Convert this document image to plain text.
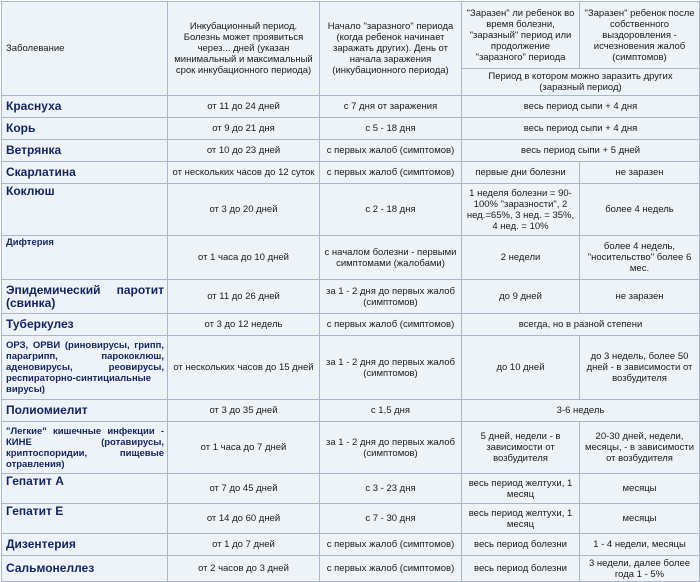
Заболевание	Инкубационный период. Болезнь может проявиться через... дней (указан минимальный и максимальный срок инкубационного периода)	Начало "заразного" периода (когда ребенок начинает заражать других). День от начала заражения (инкубационного периода)	"Заразен" ли ребенок во время болезни, "заразный" период или продолжение "заразного" периода	"Заразен" ребенок после собственного выздоровления - исчезновения жалоб (симптомов)
			Период в котором можно заразить других (заразный период)	
Краснуха	от 11 до 24 дней	с 7 дня от заражения	весь период сыпи + 4 дня	
Корь	от 9 до 21 дня	с 5 - 18 дня	весь период сыпи + 4 дня	
Ветрянка	от 10 до 23 дней	с первых жалоб (симптомов)	весь период сыпи + 5 дней	
Скарлатина	от нескольких часов до 12 суток	с первых жалоб (симптомов)	первые дни болезни	не заразен
Коклюш	от 3 до 20 дней	с 2 - 18 дня	1 неделя болезни = 90-100% "заразности", 2 нед.=65%, 3 нед. = 35%, 4 нед. = 10%	более 4 недель
Дифтерия	от 1 часа до 10 дней	с началом болезни - первыми симптомами (жалобами)	2 недели	более 4 недель, "носительство" более 6 мес.
Эпидемический паротит (свинка)	от 11 до 26 дней	за 1 - 2 дня до первых жалоб (симптомов)	до 9 дней	не заразен
Туберкулез	от 3 до 12 недель	с первых жалоб (симптомов)	всегда, но в разной степени	
ОРЗ, ОРВИ (риновирусы, грипп, парагрипп, парококлюш, аденовирусы, реовирусы, респираторно-синтициальные вирусы)	от нескольких часов до 15 дней	за 1 - 2 дня до первых жалоб (симптомов)	до 10 дней	до 3 недель, более 50 дней - в зависимости от возбудителя
Полиомиелит	от 3 до 35 дней	с 1,5 дня	3-6 недель	
"Легкие" кишечные инфекции - КИНЕ (ротавирусы, криптоспоридии, пищевые отравления)	от 1 часа до 7 дней	за 1 - 2 дня до первых жалоб (симптомов)	5 дней, недели - в зависимости от возбудителя	20-30 дней, недели, месяцы, - в зависимости от возбудителя
Гепатит А	от 7 до 45 дней	с 3 - 23 дня	весь период желтухи, 1 месяц	месяцы
Гепатит Е	от 14 до 60 дней	с 7 - 30 дня	весь период желтухи, 1 месяц	месяцы
Дизентерия	от 1 до 7 дней	с первых жалоб (симптомов)	весь период болезни	1 - 4 недели, месяцы
Сальмонеллез	от 2 часов до 3 дней	с первых жалоб (симптомов)	весь период болезни	3 недели, далее более года 1 - 5%
